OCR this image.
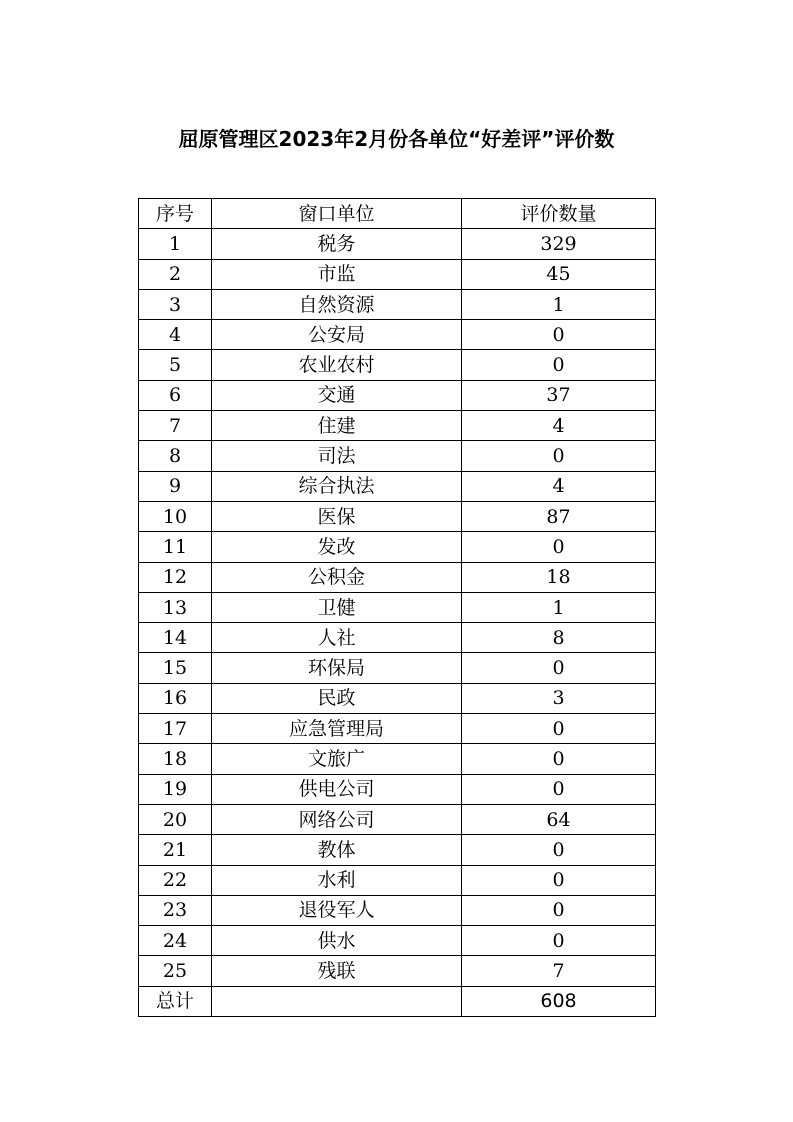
屈原管理区2023年2月份各单位“好差评”评价数
序号	窗口单位	评价数量
1	税务	329
2	市监	45
3	自然资源	1
4	公安局	0
5	农业农村	0
6	交通	37
7	住建	4
8	司法	0
9	综合执法	4
10	医保	87
11	发改	0
12	公积金	18
13	卫健	1
14	人社	8
15	环保局	0
16	民政	3
17	应急管理局	0
18	文旅广	0
19	供电公司	0
20	网络公司	64
21	教体	0
22	水利	0
23	退役军人	0
24	供水	0
25	残联	7
总计		608
